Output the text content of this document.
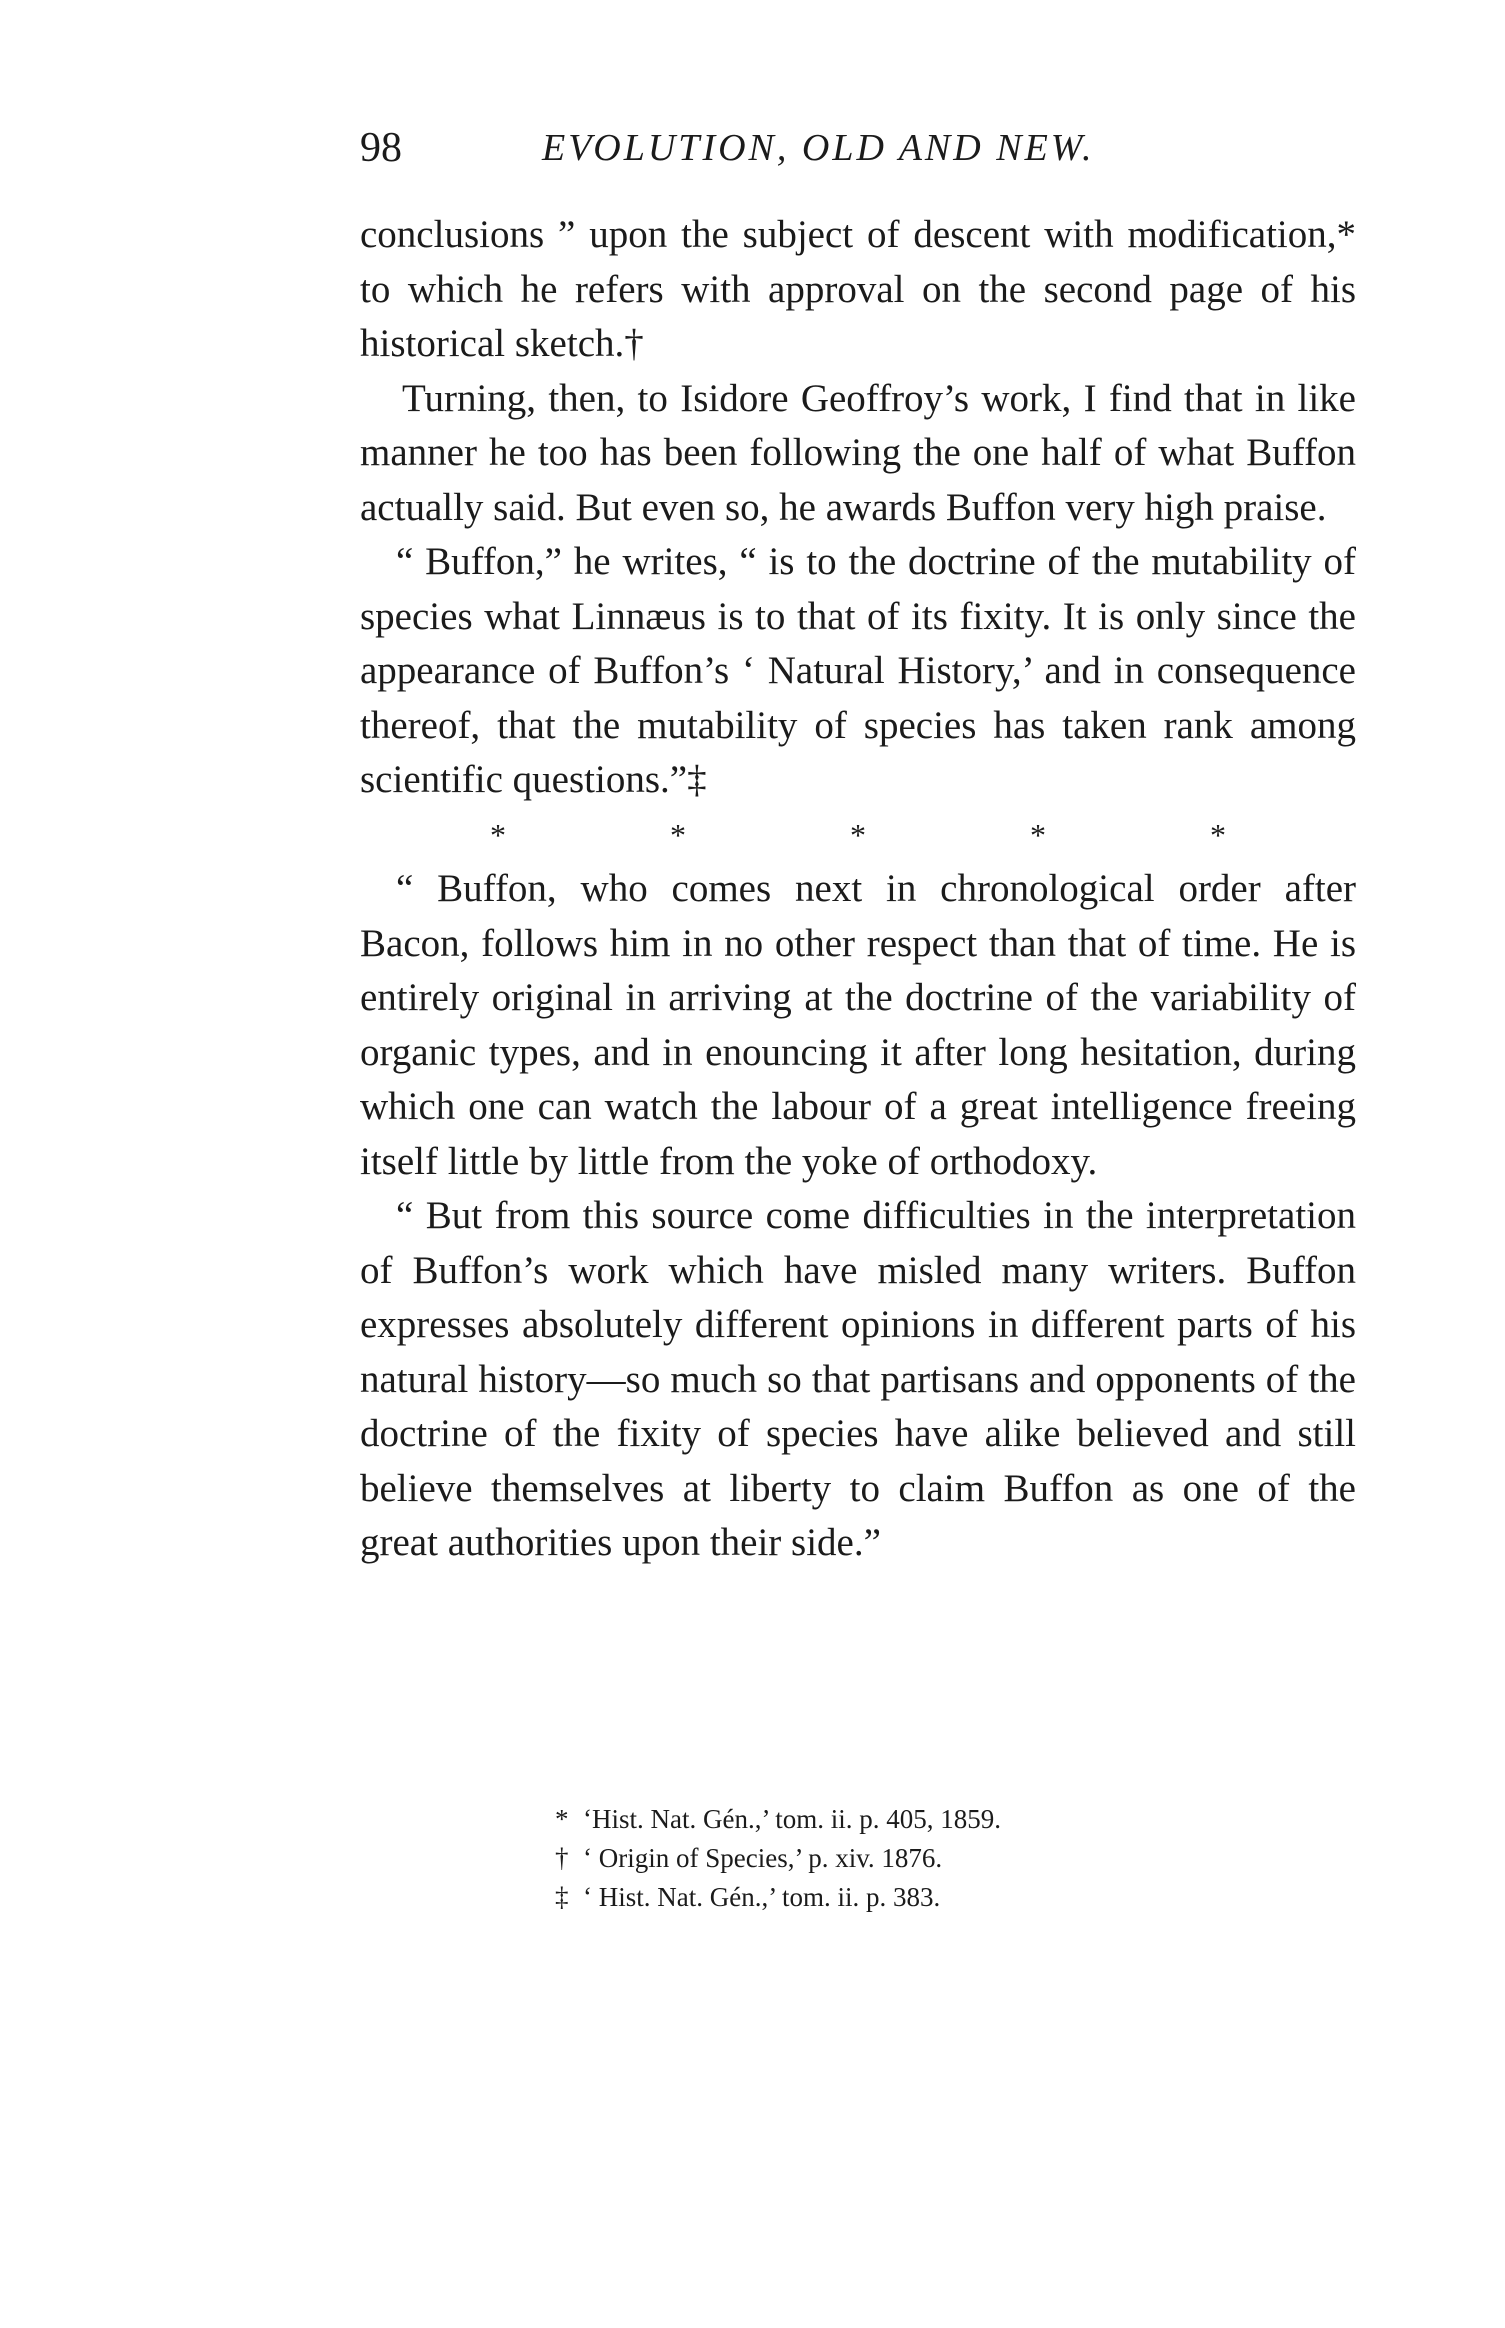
98	EVOLUTION, OLD AND NEW.

conclusions ” upon the subject of descent with modification,* to which he refers with approval on the second page of his historical sketch.†

Turning, then, to Isidore Geoffroy’s work, I find that in like manner he too has been following the one half of what Buffon actually said. But even so, he awards Buffon very high praise.

“ Buffon,” he writes, “ is to the doctrine of the mutability of species what Linnæus is to that of its fixity. It is only since the appearance of Buffon’s ‘ Natural History,’ and in consequence thereof, that the mutability of species has taken rank among scientific questions.”‡

* * * * *

“ Buffon, who comes next in chronological order after Bacon, follows him in no other respect than that of time. He is entirely original in arriving at the doctrine of the variability of organic types, and in enouncing it after long hesitation, during which one can watch the labour of a great intelligence freeing itself little by little from the yoke of orthodoxy.

“ But from this source come difficulties in the interpretation of Buffon’s work which have misled many writers. Buffon expresses absolutely different opinions in different parts of his natural history—so much so that partisans and opponents of the doctrine of the fixity of species have alike believed and still believe themselves at liberty to claim Buffon as one of the great authorities upon their side.”

* ‘Hist. Nat. Gén.,’ tom. ii. p. 405, 1859.

† ‘ Origin of Species,’ p. xiv. 1876.

‡ ‘ Hist. Nat. Gén.,’ tom. ii. p. 383.
